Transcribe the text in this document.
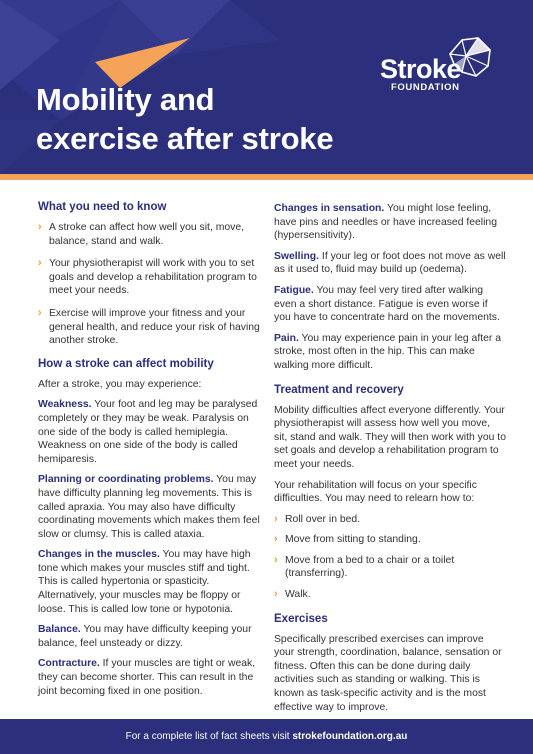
Mobility and
exercise after stroke
Stroke
FOUNDATION
What you need to know
› A stroke can affect how well you sit, move, balance, stand and walk.
› Your physiotherapist will work with you to set goals and develop a rehabilitation program to meet your needs.
› Exercise will improve your fitness and your general health, and reduce your risk of having another stroke.
How a stroke can affect mobility
After a stroke, you may experience:
Weakness. Your foot and leg may be paralysed completely or they may be weak. Paralysis on one side of the body is called hemiplegia. Weakness on one side of the body is called hemiparesis.
Planning or coordinating problems. You may have difficulty planning leg movements. This is called apraxia. You may also have difficulty coordinating movements which makes them feel slow or clumsy. This is called ataxia.
Changes in the muscles. You may have high tone which makes your muscles stiff and tight. This is called hypertonia or spasticity. Alternatively, your muscles may be floppy or loose. This is called low tone or hypotonia.
Balance. You may have difficulty keeping your balance, feel unsteady or dizzy.
Contracture. If your muscles are tight or weak, they can become shorter. This can result in the joint becoming fixed in one position.
Changes in sensation. You might lose feeling, have pins and needles or have increased feeling (hypersensitivity).
Swelling. If your leg or foot does not move as well as it used to, fluid may build up (oedema).
Fatigue. You may feel very tired after walking even a short distance. Fatigue is even worse if you have to concentrate hard on the movements.
Pain. You may experience pain in your leg after a stroke, most often in the hip. This can make walking more difficult.
Treatment and recovery
Mobility difficulties affect everyone differently. Your physiotherapist will assess how well you move, sit, stand and walk. They will then work with you to set goals and develop a rehabilitation program to meet your needs.
Your rehabilitation will focus on your specific difficulties. You may need to relearn how to:
› Roll over in bed.
› Move from sitting to standing.
› Move from a bed to a chair or a toilet (transferring).
› Walk.
Exercises
Specifically prescribed exercises can improve your strength, coordination, balance, sensation or fitness. Often this can be done during daily activities such as standing or walking. This is known as task-specific activity and is the most effective way to improve.
For a complete list of fact sheets visit strokefoundation.org.au
